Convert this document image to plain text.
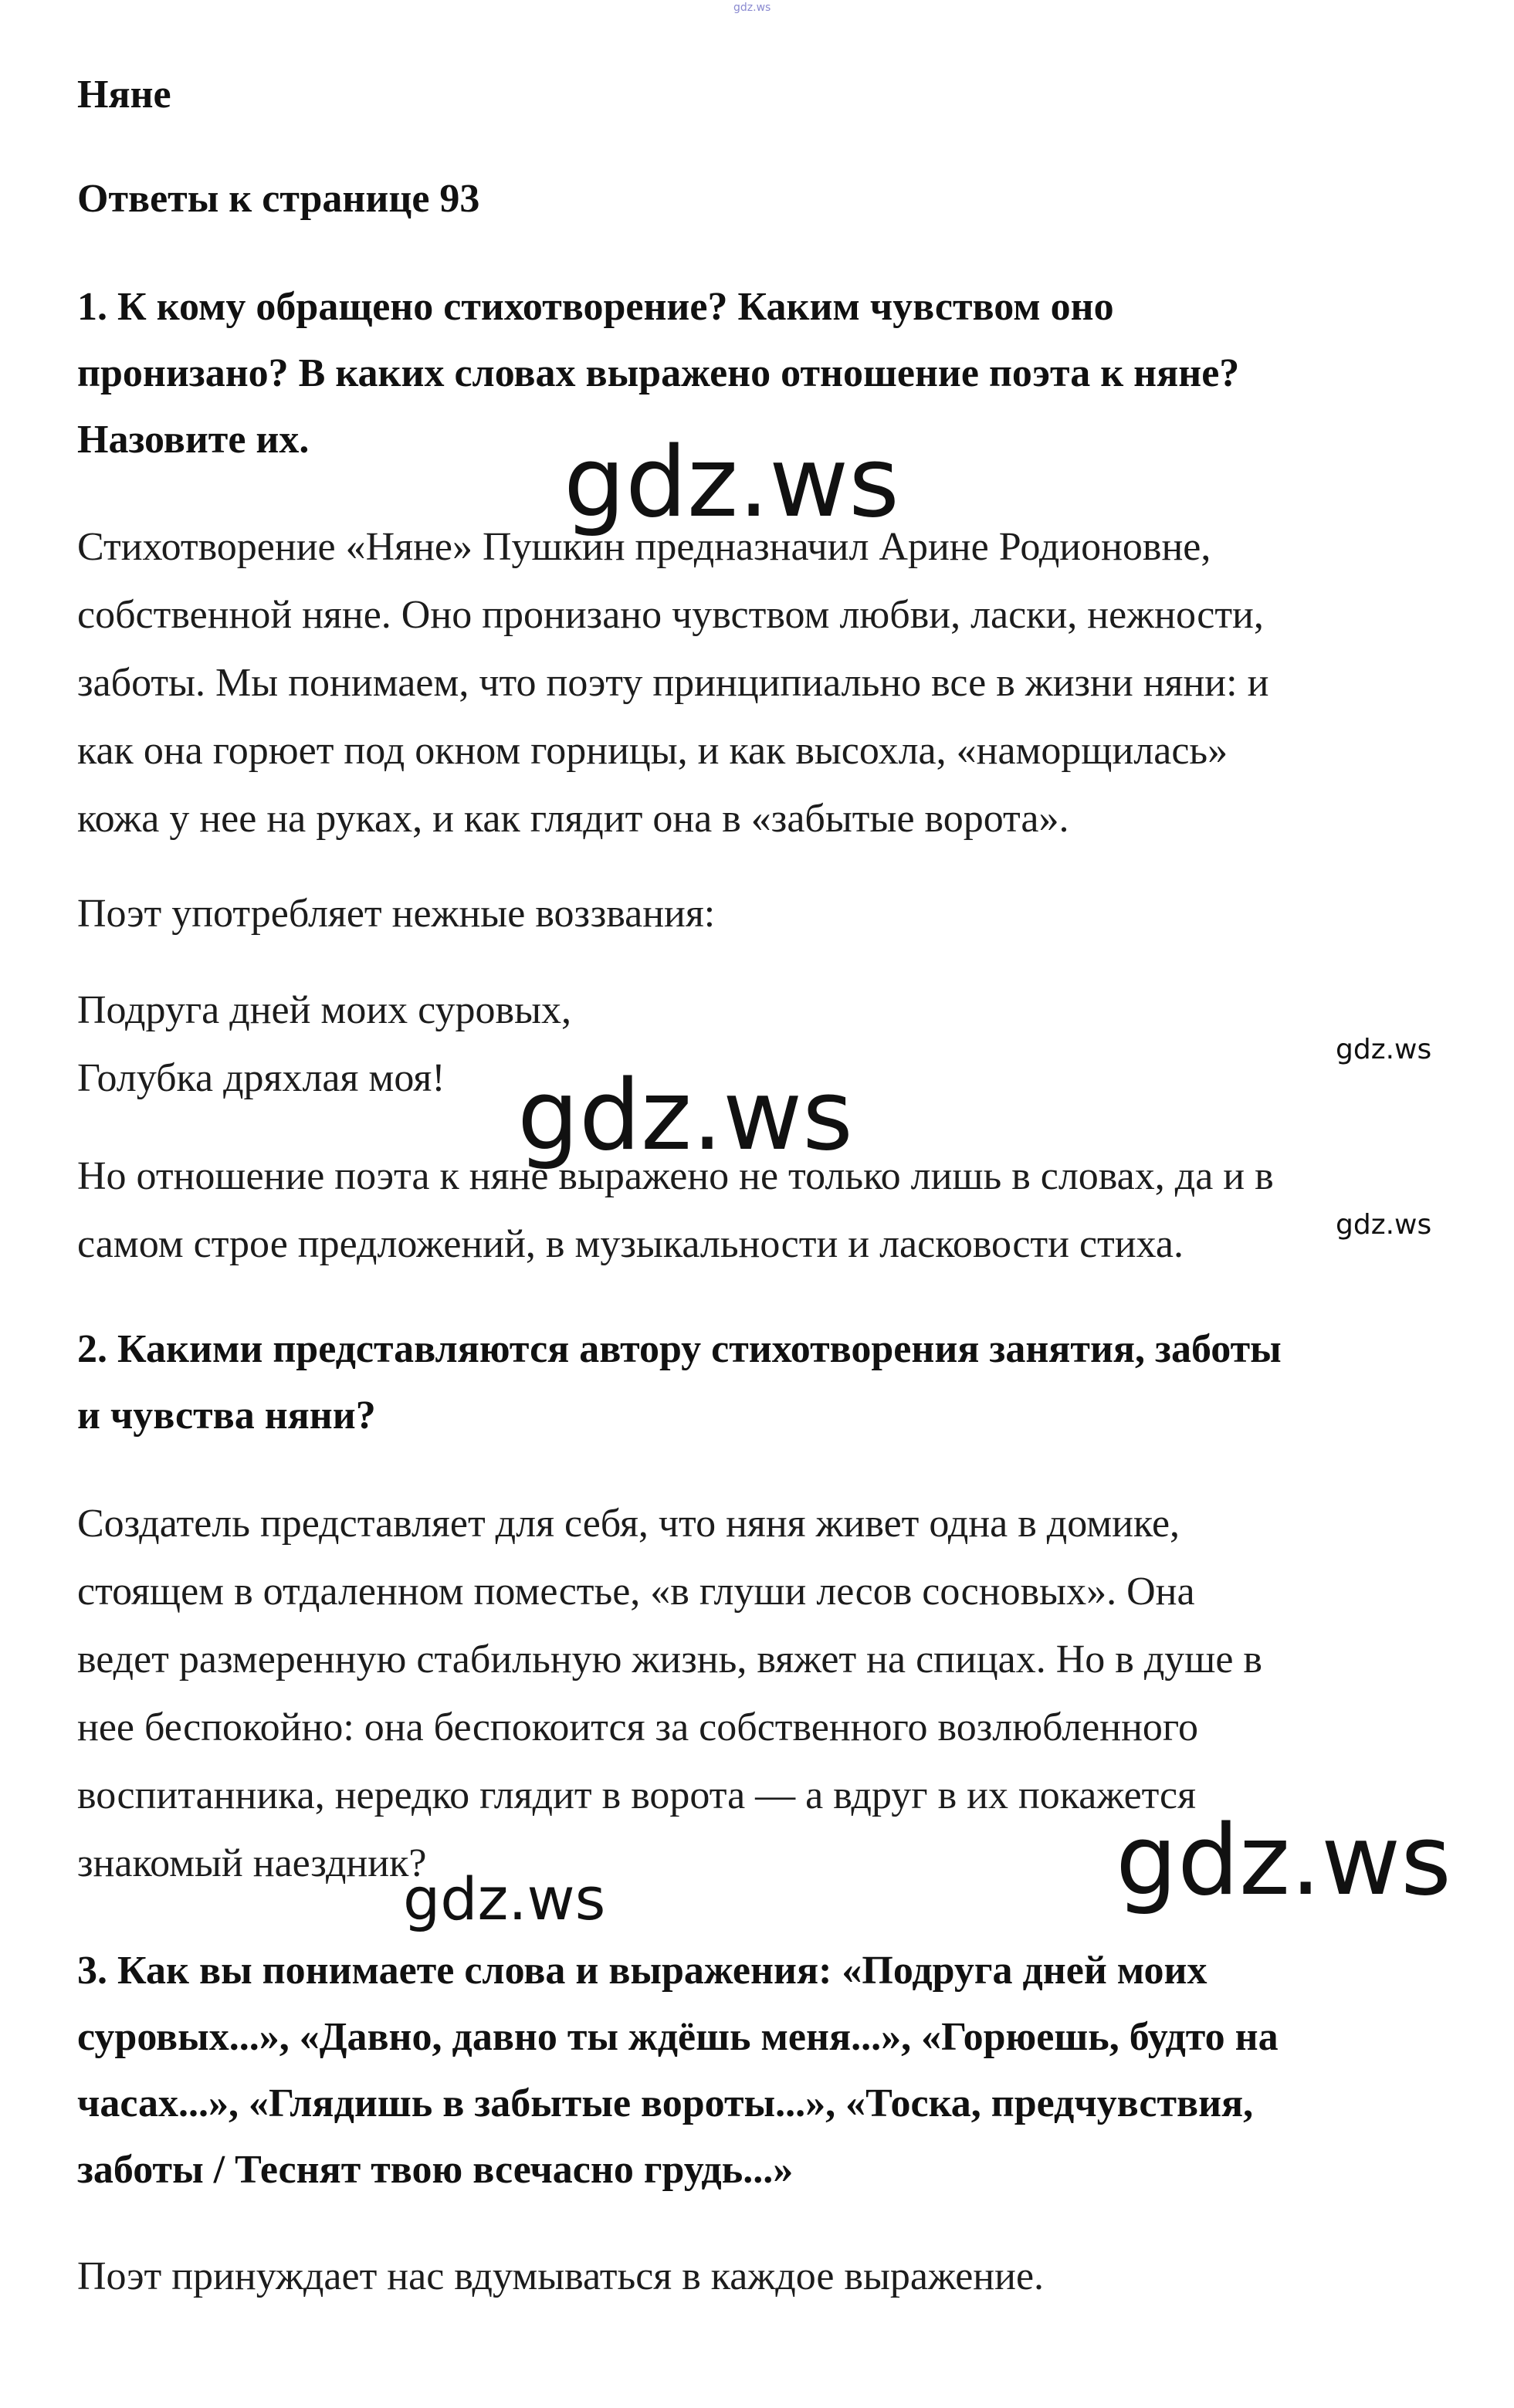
Няне
Ответы к странице 93

1. К кому обращено стихотворение? Каким чувством оно
пронизано? В каких словах выражено отношение поэта к няне?
Назовите их.

Стихотворение «Няне» Пушкин предназначил Арине Родионовне,
собственной няне. Оно пронизано чувством любви, ласки, нежности,
заботы. Мы понимаем, что поэту принципиально все в жизни няни: и
как она горюет под окном горницы, и как высохла, «наморщилась»
кожа у нее на руках, и как глядит она в «забытые ворота».

Поэт употребляет нежные воззвания:

Подруга дней моих суровых,
Голубка дряхлая моя!

Но отношение поэта к няне выражено не только лишь в словах, да и в
самом строе предложений, в музыкальности и ласковости стиха.

2. Какими представляются автору стихотворения занятия, заботы
и чувства няни?

Создатель представляет для себя, что няня живет одна в домике,
стоящем в отдаленном поместье, «в глуши лесов сосновых». Она
ведет размеренную стабильную жизнь, вяжет на спицах. Но в душе в
нее беспокойно: она беспокоится за собственного возлюбленного
воспитанника, нередко глядит в ворота — а вдруг в их покажется
знакомый наездник?

3. Как вы понимаете слова и выражения: «Подруга дней моих
суровых...», «Давно, давно ты ждёшь меня...», «Горюешь, будто на
часах...», «Глядишь в забытые вороты...», «Тоска, предчувствия,
заботы / Теснят твою всечасно грудь...»

Поэт принуждает нас вдумываться в каждое выражение.

gdz.ws
gdz.ws
gdz.ws
gdz.ws
gdz.ws
gdz.ws
gdz.ws
